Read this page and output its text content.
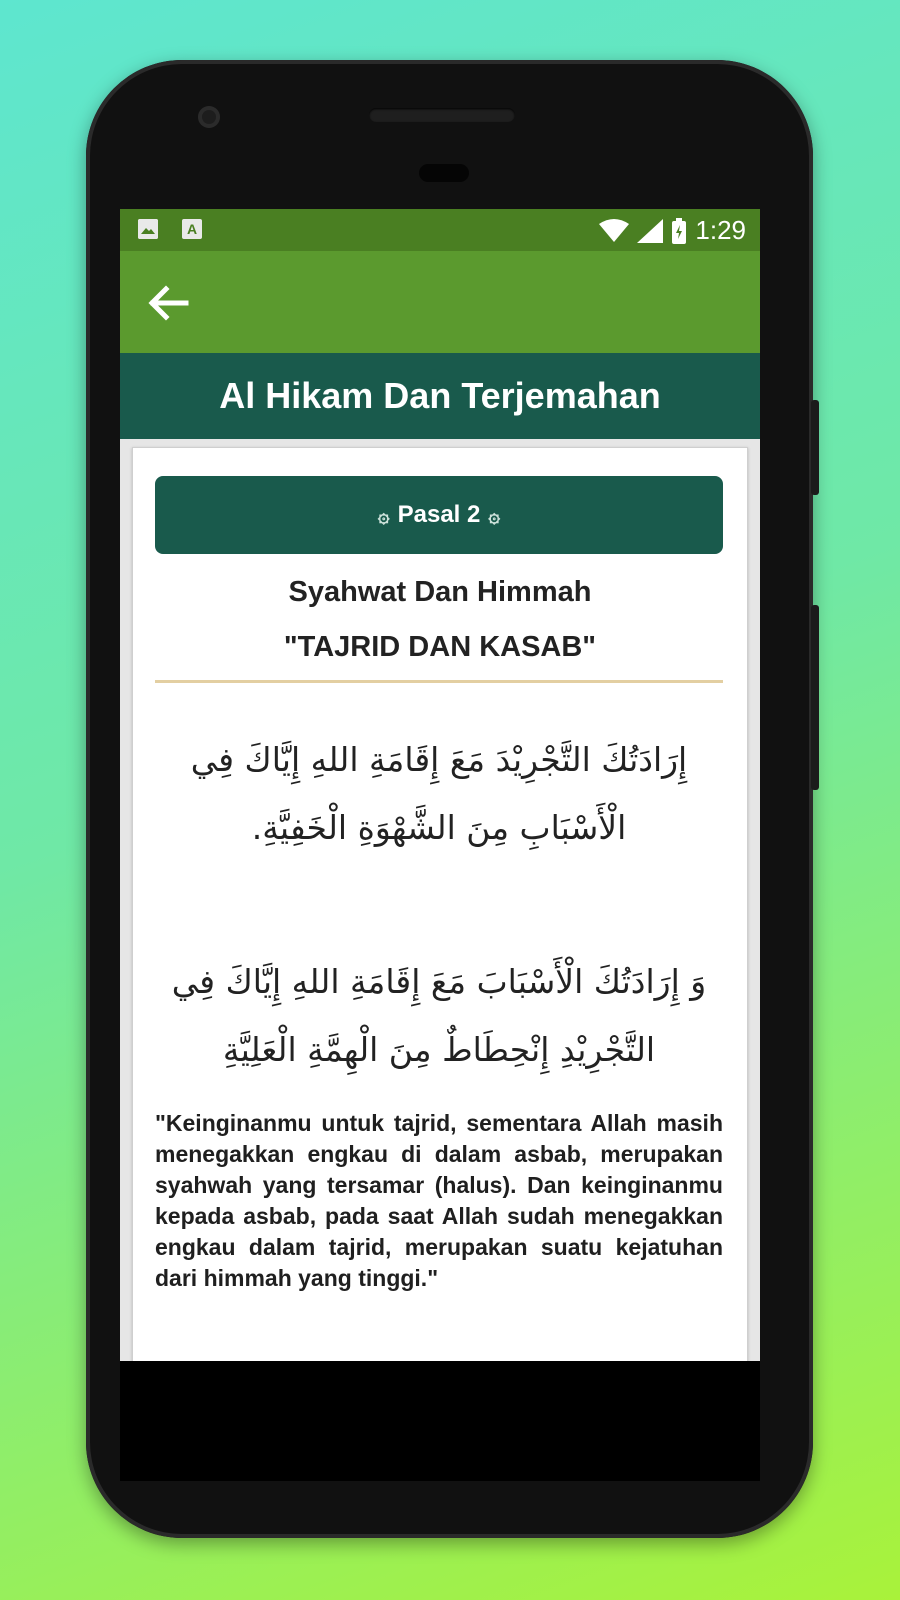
A	1:29
Al Hikam Dan Terjemahan
۞ Pasal 2 ۞
Syahwat Dan Himmah
"TAJRID DAN KASAB"
إِرَادَتُكَ التَّجْرِيْدَ مَعَ إِقَامَةِ اللهِ إِيَّاكَ فِي الْأَسْبَابِ مِنَ الشَّهْوَةِ الْخَفِيَّةِ.
وَ إِرَادَتُكَ الْأَسْبَابَ مَعَ إِقَامَةِ اللهِ إِيَّاكَ فِي التَّجْرِيْدِ إِنْحِطَاطٌ مِنَ الْهِمَّةِ الْعَلِيَّةِ

"Keinginanmu untuk tajrid, sementara Allah masih menegakkan engkau di dalam asbab, merupakan syahwah yang tersamar (halus). Dan keinginanmu kepada asbab, pada saat Allah sudah menegakkan engkau dalam tajrid, merupakan suatu kejatuhan dari himmah yang tinggi."
